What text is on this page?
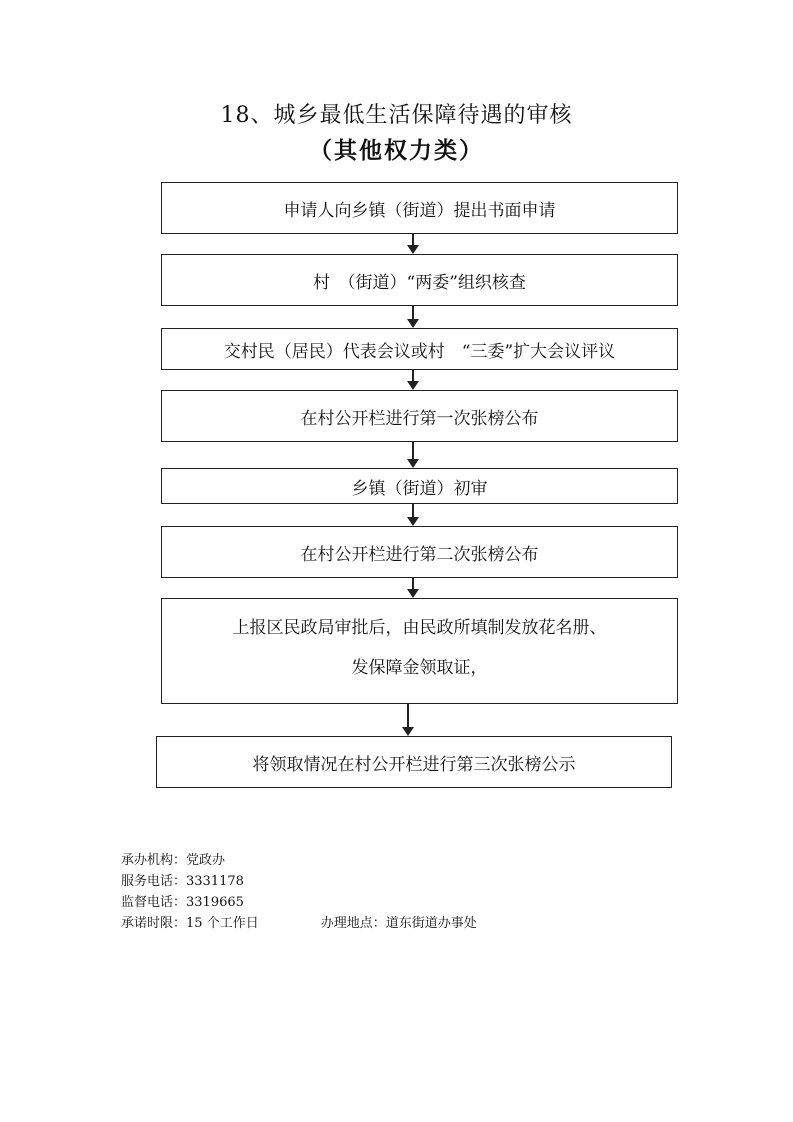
18、城乡最低生活保障待遇的审核
（其他权力类）
申请人向乡镇（街道）提出书面申请
村　（街道）“两委”组织核查
交村民（居民）代表会议或村　“三委”扩大会议评议
在村公开栏进行第一次张榜公布
乡镇（街道）初审
在村公开栏进行第二次张榜公布
上报区民政局审批后，由民政所填制发放花名册、
发保障金领取证，
将领取情况在村公开栏进行第三次张榜公示
承办机构：党政办
服务电话：3331178
监督电话：3319665
承诺时限：15 个工作日	办理地点：道东街道办事处
